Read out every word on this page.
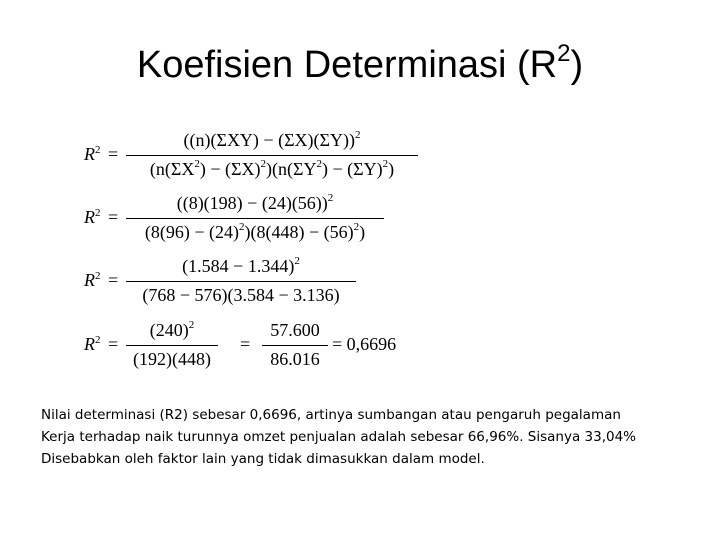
Koefisien Determinasi $(R^2)$
$R^2$ =
$((n)(\Sigma XY) - (\Sigma X)(\Sigma Y))^2$
$(n(\Sigma X^2) - (\Sigma X)^2)(n(\Sigma Y^2) - (\Sigma Y)^2)$
$R^2$ =
$((8)(198) - (24)(56))^2$
$(8(96) - (24)^2)(8(448) - (56)^2)$
$R^2$ =
$(1.584 - 1.344)^2$
(768 − 576)(3.584 − 3.136)
$R^2$ =
$(240)^2$
(192)(448)
=
57.600
86.016
= 0,6696
Nilai determinasi (R2) sebesar 0,6696, artinya sumbangan atau pengaruh pegalaman
Kerja terhadap naik turunnya omzet penjualan adalah sebesar 66,96%. Sisanya 33,04%
Disebabkan oleh faktor lain yang tidak dimasukkan dalam model.
